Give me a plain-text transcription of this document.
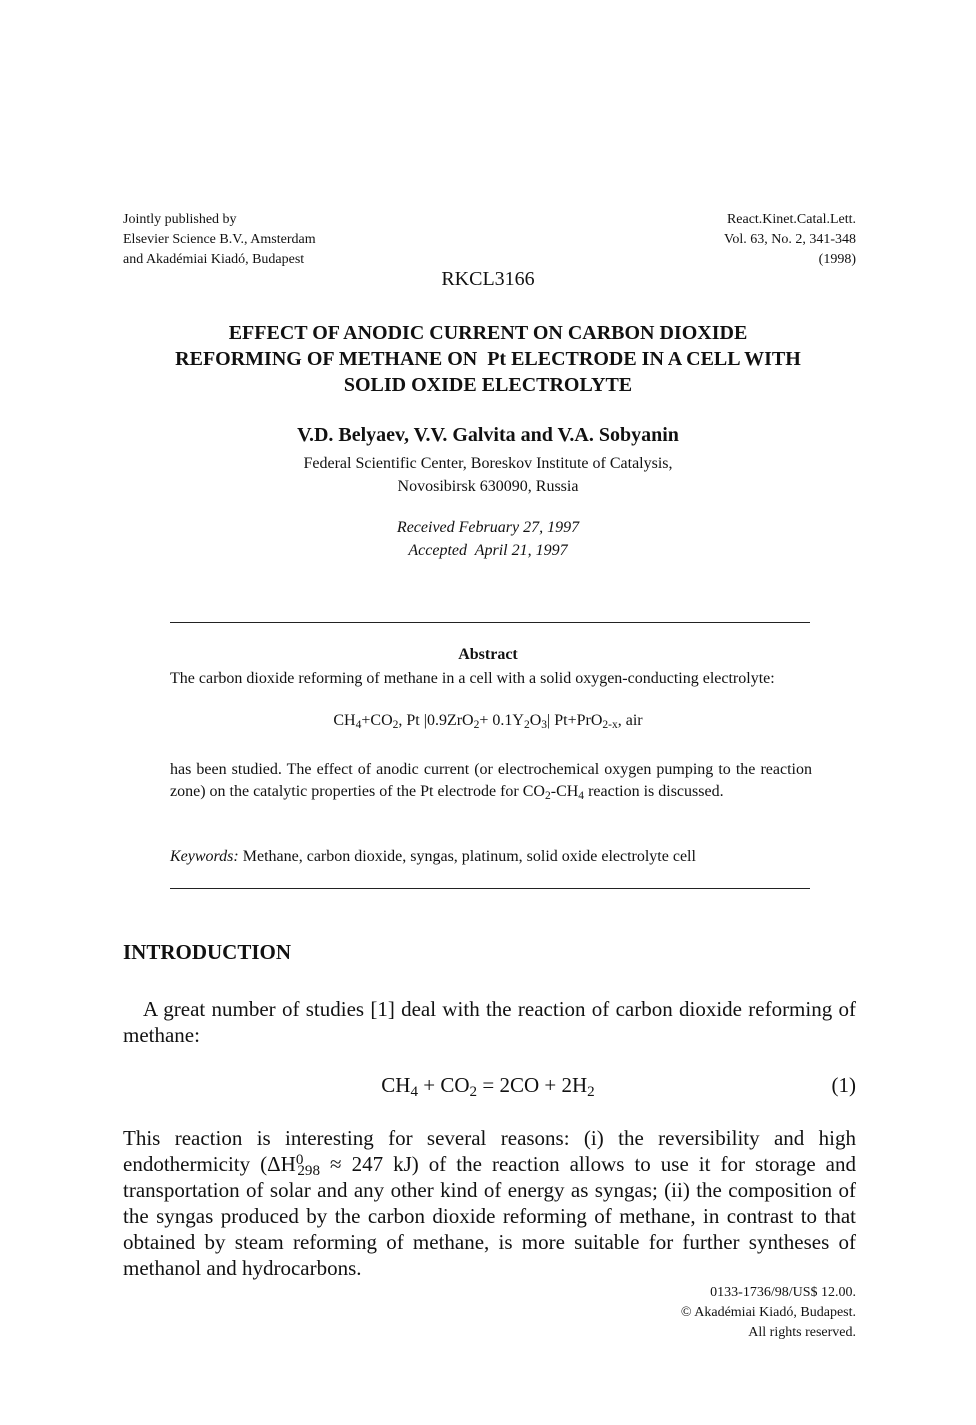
Jointly published by
Elsevier Science B.V., Amsterdam
and Akadémiai Kiadó, Budapest
React.Kinet.Catal.Lett.
Vol. 63, No. 2, 341-348
(1998)
RKCL3166
EFFECT OF ANODIC CURRENT ON CARBON DIOXIDE
REFORMING OF METHANE ON  Pt ELECTRODE IN A CELL WITH
SOLID OXIDE ELECTROLYTE
V.D. Belyaev, V.V. Galvita and V.A. Sobyanin
Federal Scientific Center, Boreskov Institute of Catalysis,
Novosibirsk 630090, Russia
Received February 27, 1997
Accepted  April 21, 1997
Abstract
The carbon dioxide reforming of methane in a cell with a solid oxygen-conducting electrolyte:
$CH_4+CO_2$, Pt $|0.9ZrO_2+ 0.1Y_2O_3|$ Pt+PrO$_{2-x}$, air
has been studied. The effect of anodic current (or electrochemical oxygen pumping to the reaction zone) on the catalytic properties of the Pt electrode for $CO_2-CH_4$ reaction is discussed.
Keywords: Methane, carbon dioxide, syngas, platinum, solid oxide electrolyte cell
INTRODUCTION
A great number of studies [1] deal with the reaction of carbon dioxide reforming of methane:
$CH_4 + CO_2 = 2CO + 2H_2$	(1)
This reaction is interesting for several reasons: (i) the reversibility and high endothermicity ($\Delta H^0_{298} \approx 247$ kJ) of the reaction allows to use it for storage and transportation of solar and any other kind of energy as syngas; (ii) the composition of the syngas produced by the carbon dioxide reforming of methane, in contrast to that obtained by steam reforming of methane, is more suitable for further syntheses of methanol and hydrocarbons.
0133-1736/98/US$ 12.00.
© Akadémiai Kiadó, Budapest.
All rights reserved.
